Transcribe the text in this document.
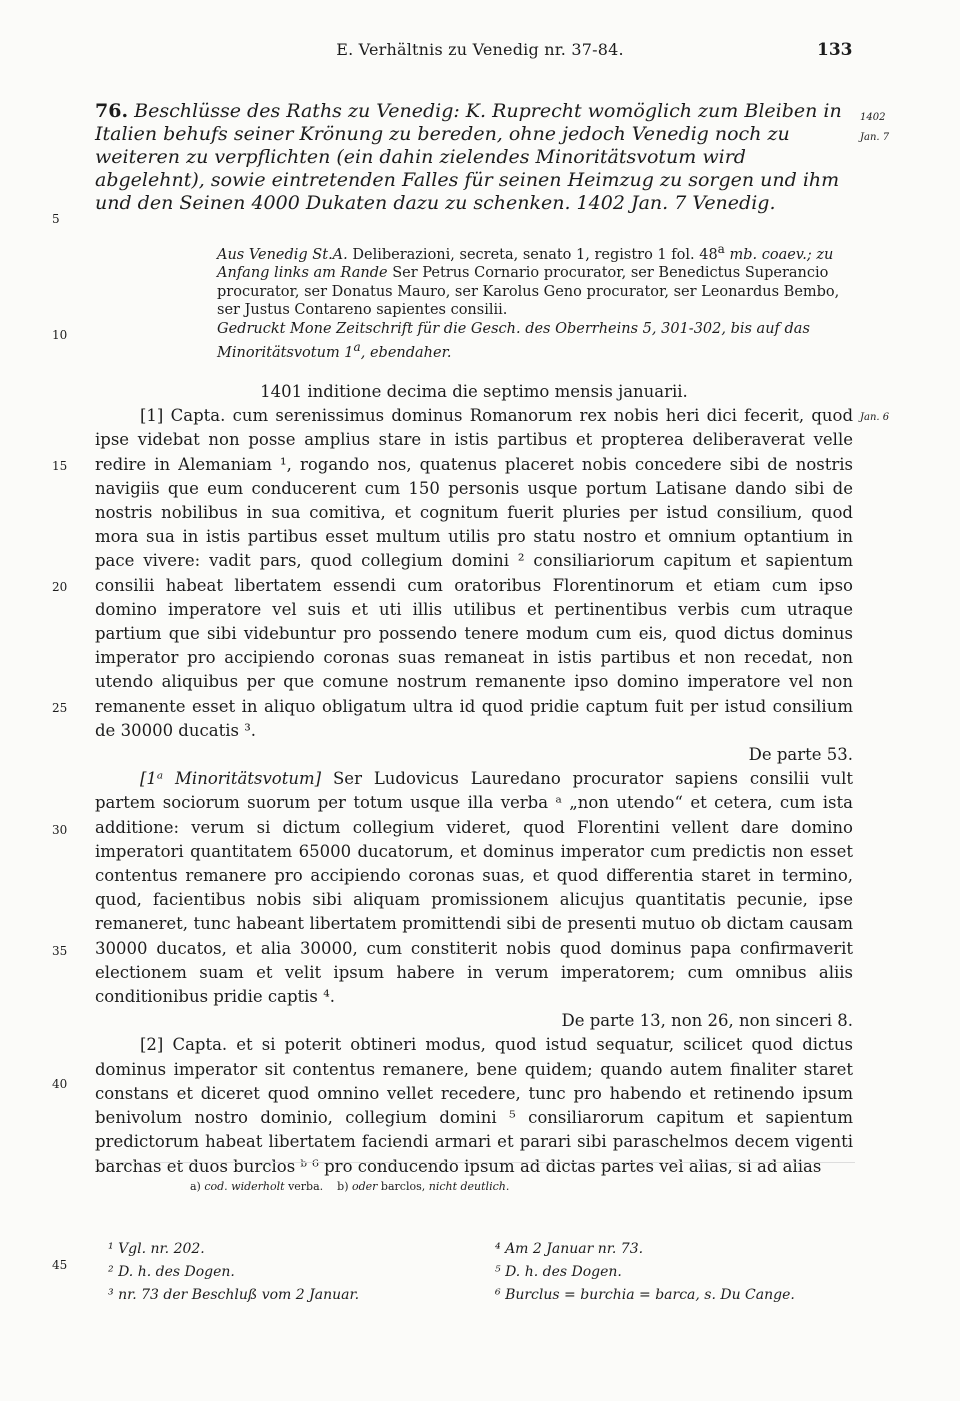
E. Verhältnis zu Venedig nr. 37-84.	133
5
10
15
20
25
30
35
40
45
76. Beschlüsse des Raths zu Venedig: K. Ruprecht womöglich zum Bleiben in Italien behufs seiner Krönung zu bereden, ohne jedoch Venedig noch zu weiteren zu verpflichten (ein dahin zielendes Minoritätsvotum wird abgelehnt), sowie eintretenden Falles für seinen Heimzug zu sorgen und ihm und den Seinen 4000 Dukaten dazu zu schenken. 1402 Jan. 7 Venedig.
1402
Jan. 7
Aus Venedig St.A. Deliberazioni, secreta, senato 1, registro 1 fol. 48$^a$ mb. coaev.; zu Anfang links am Rande Ser Petrus Cornario procurator, ser Benedictus Superancio procurator, ser Donatus Mauro, ser Karolus Geno procurator, ser Leonardus Bembo, ser Justus Contareno sapientes consilii.
Gedruckt Mone Zeitschrift für die Gesch. des Oberrheins 5, 301-302, bis auf das Minoritätsvotum 1$^a$, ebendaher.
Jan. 6

1401 inditione decima die septimo mensis januarii.

[1] Capta. cum serenissimus dominus Romanorum rex nobis heri dici fecerit, quod ipse videbat non posse amplius stare in istis partibus et propterea deliberaverat velle redire in Alemaniam ¹, rogando nos, quatenus placeret nobis concedere sibi de nostris navigiis que eum conducerent cum 150 personis usque portum Latisane dando sibi de nostris nobilibus in sua comitiva, et cognitum fuerit pluries per istud consilium, quod mora sua in istis partibus esset multum utilis pro statu nostro et omnium optantium in pace vivere: vadit pars, quod collegium domini ² consiliariorum capitum et sapientum consilii habeat libertatem essendi cum oratoribus Florentinorum et etiam cum ipso domino imperatore vel suis et uti illis utilibus et pertinentibus verbis cum utraque partium que sibi videbuntur pro possendo tenere modum cum eis, quod dictus dominus imperator pro accipiendo coronas suas remaneat in istis partibus et non recedat, non utendo aliquibus per que comune nostrum remanente ipso domino imperatore vel non remanente esset in aliquo obligatum ultra id quod pridie captum fuit per istud consilium de 30000 ducatis ³.

De parte 53.

[1ᵃ Minoritätsvotum] Ser Ludovicus Lauredano procurator sapiens consilii vult partem sociorum suorum per totum usque illa verba ᵃ „non utendo“ et cetera, cum ista additione: verum si dictum collegium videret, quod Florentini vellent dare domino imperatori quantitatem 65000 ducatorum, et dominus imperator cum predictis non esset contentus remanere pro accipiendo coronas suas, et quod differentia staret in termino, quod, facientibus nobis sibi aliquam promissionem alicujus quantitatis pecunie, ipse remaneret, tunc habeant libertatem promittendi sibi de presenti mutuo ob dictam causam 30000 ducatos, et alia 30000, cum constiterit nobis quod dominus papa confirmaverit electionem suam et velit ipsum habere in verum imperatorem; cum omnibus aliis conditionibus pridie captis ⁴.

De parte 13, non 26, non sinceri 8.

[2] Capta. et si poterit obtineri modus, quod istud sequatur, scilicet quod dictus dominus imperator sit contentus remanere, bene quidem; quando autem finaliter staret constans et diceret quod omnino vellet recedere, tunc pro habendo et retinendo ipsum benivolum nostro dominio, collegium domini ⁵ consiliarorum capitum et sapientum predictorum habeat libertatem faciendi armari et parari sibi paraschelmos decem vigenti barchas et duos burclos ᵇ ⁶ pro conducendo ipsum ad dictas partes vel alias, si ad alias

a) cod. widerholt verba. b) oder barclos, nicht deutlich.
¹ Vgl. nr. 202.
² D. h. des Dogen.
³ nr. 73 der Beschluß vom 2 Januar.
⁴ Am 2 Januar nr. 73.
⁵ D. h. des Dogen.
⁶ Burclus = burchia = barca, s. Du Cange.
